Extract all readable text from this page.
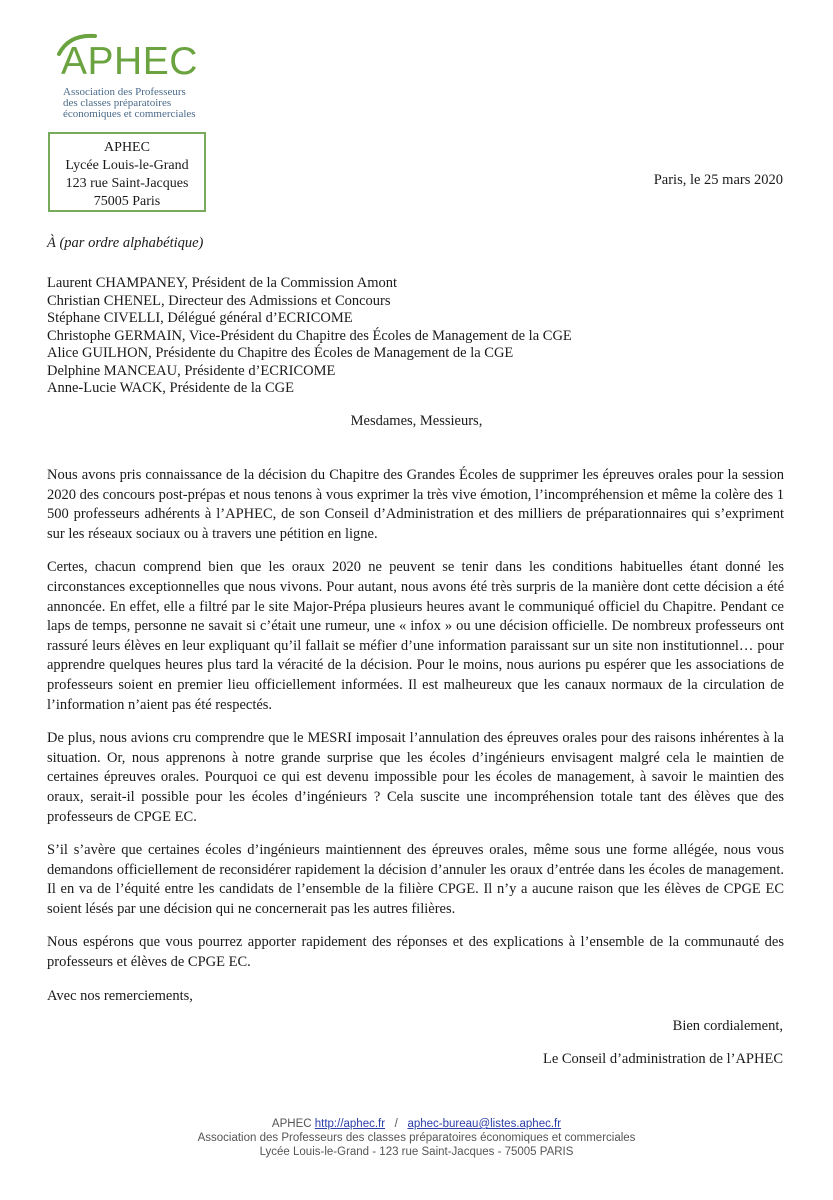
APHEC
Association des Professeurs
des classes préparatoires
économiques et commerciales
APHEC
Lycée Louis-le-Grand
123 rue Saint-Jacques
75005 Paris
Paris, le 25 mars 2020
À (par ordre alphabétique)
Laurent CHAMPANEY, Président de la Commission Amont
Christian CHENEL, Directeur des Admissions et Concours
Stéphane CIVELLI, Délégué général d’ECRICOME
Christophe GERMAIN, Vice-Président du Chapitre des Écoles de Management de la CGE
Alice GUILHON, Présidente du Chapitre des Écoles de Management de la CGE
Delphine MANCEAU, Présidente d’ECRICOME
Anne-Lucie WACK, Présidente de la CGE
Mesdames, Messieurs,

Nous avons pris connaissance de la décision du Chapitre des Grandes Écoles de supprimer les épreuves orales pour la session 2020 des concours post-prépas et nous tenons à vous exprimer la très vive émotion, l’incompréhension et même la colère des 1 500 professeurs adhérents à l’APHEC, de son Conseil d’Administration et des milliers de préparationnaires qui s’expriment sur les réseaux sociaux ou à travers une pétition en ligne.

Certes, chacun comprend bien que les oraux 2020 ne peuvent se tenir dans les conditions habituelles étant donné les circonstances exceptionnelles que nous vivons. Pour autant, nous avons été très surpris de la manière dont cette décision a été annoncée. En effet, elle a filtré par le site Major-Prépa plusieurs heures avant le communiqué officiel du Chapitre. Pendant ce laps de temps, personne ne savait si c’était une rumeur, une « infox » ou une décision officielle. De nombreux professeurs ont rassuré leurs élèves en leur expliquant qu’il fallait se méfier d’une information paraissant sur un site non institutionnel… pour apprendre quelques heures plus tard la véracité de la décision. Pour le moins, nous aurions pu espérer que les associations de professeurs soient en premier lieu officiellement informées. Il est malheureux que les canaux normaux de la circulation de l’information n’aient pas été respectés.

De plus, nous avions cru comprendre que le MESRI imposait l’annulation des épreuves orales pour des raisons inhérentes à la situation. Or, nous apprenons à notre grande surprise que les écoles d’ingénieurs envisagent malgré cela le maintien de certaines épreuves orales. Pourquoi ce qui est devenu impossible pour les écoles de management, à savoir le maintien des oraux, serait-il possible pour les écoles d’ingénieurs ? Cela suscite une incompréhension totale tant des élèves que des professeurs de CPGE EC.

S’il s’avère que certaines écoles d’ingénieurs maintiennent des épreuves orales, même sous une forme allégée, nous vous demandons officiellement de reconsidérer rapidement la décision d’annuler les oraux d’entrée dans les écoles de management. Il en va de l’équité entre les candidats de l’ensemble de la filière CPGE. Il n’y a aucune raison que les élèves de CPGE EC soient lésés par une décision qui ne concernerait pas les autres filières.

Nous espérons que vous pourrez apporter rapidement des réponses et des explications à l’ensemble de la communauté des professeurs et élèves de CPGE EC.

Avec nos remerciements,
Bien cordialement,
Le Conseil d’administration de l’APHEC
APHEC http://aphec.fr / aphec-bureau@listes.aphec.fr
Association des Professeurs des classes préparatoires économiques et commerciales
Lycée Louis-le-Grand - 123 rue Saint-Jacques - 75005 PARIS
